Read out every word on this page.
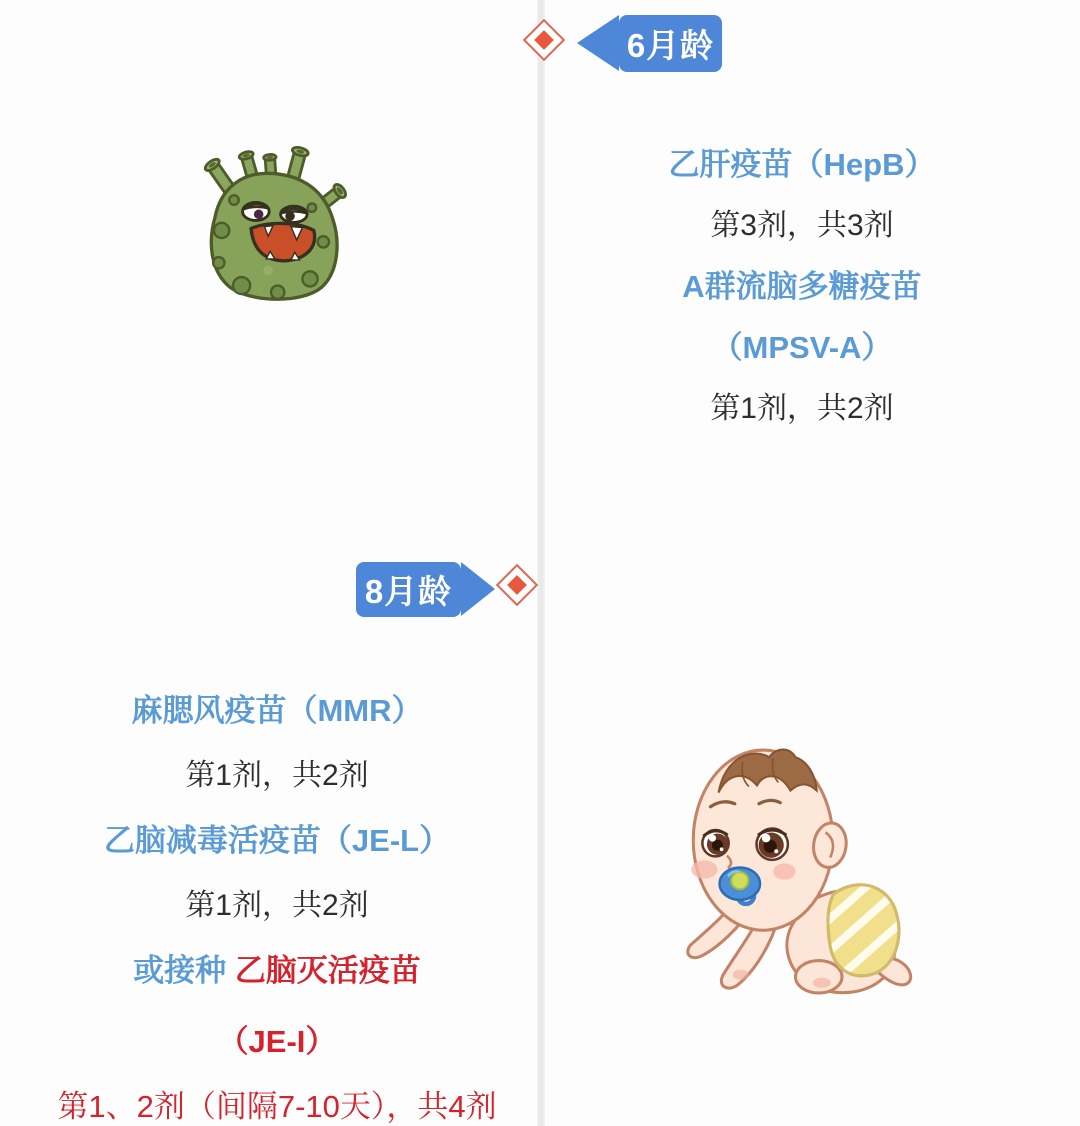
6月龄
乙肝疫苗（HepB）
第3剂，共3剂
A群流脑多糖疫苗
（MPSV-A）
第1剂，共2剂
8月龄
麻腮风疫苗（MMR）
第1剂，共2剂
乙脑减毒活疫苗（JE-L）
第1剂，共2剂
或接种 乙脑灭活疫苗
（JE-I）
第1、2剂（间隔7-10天），共4剂
